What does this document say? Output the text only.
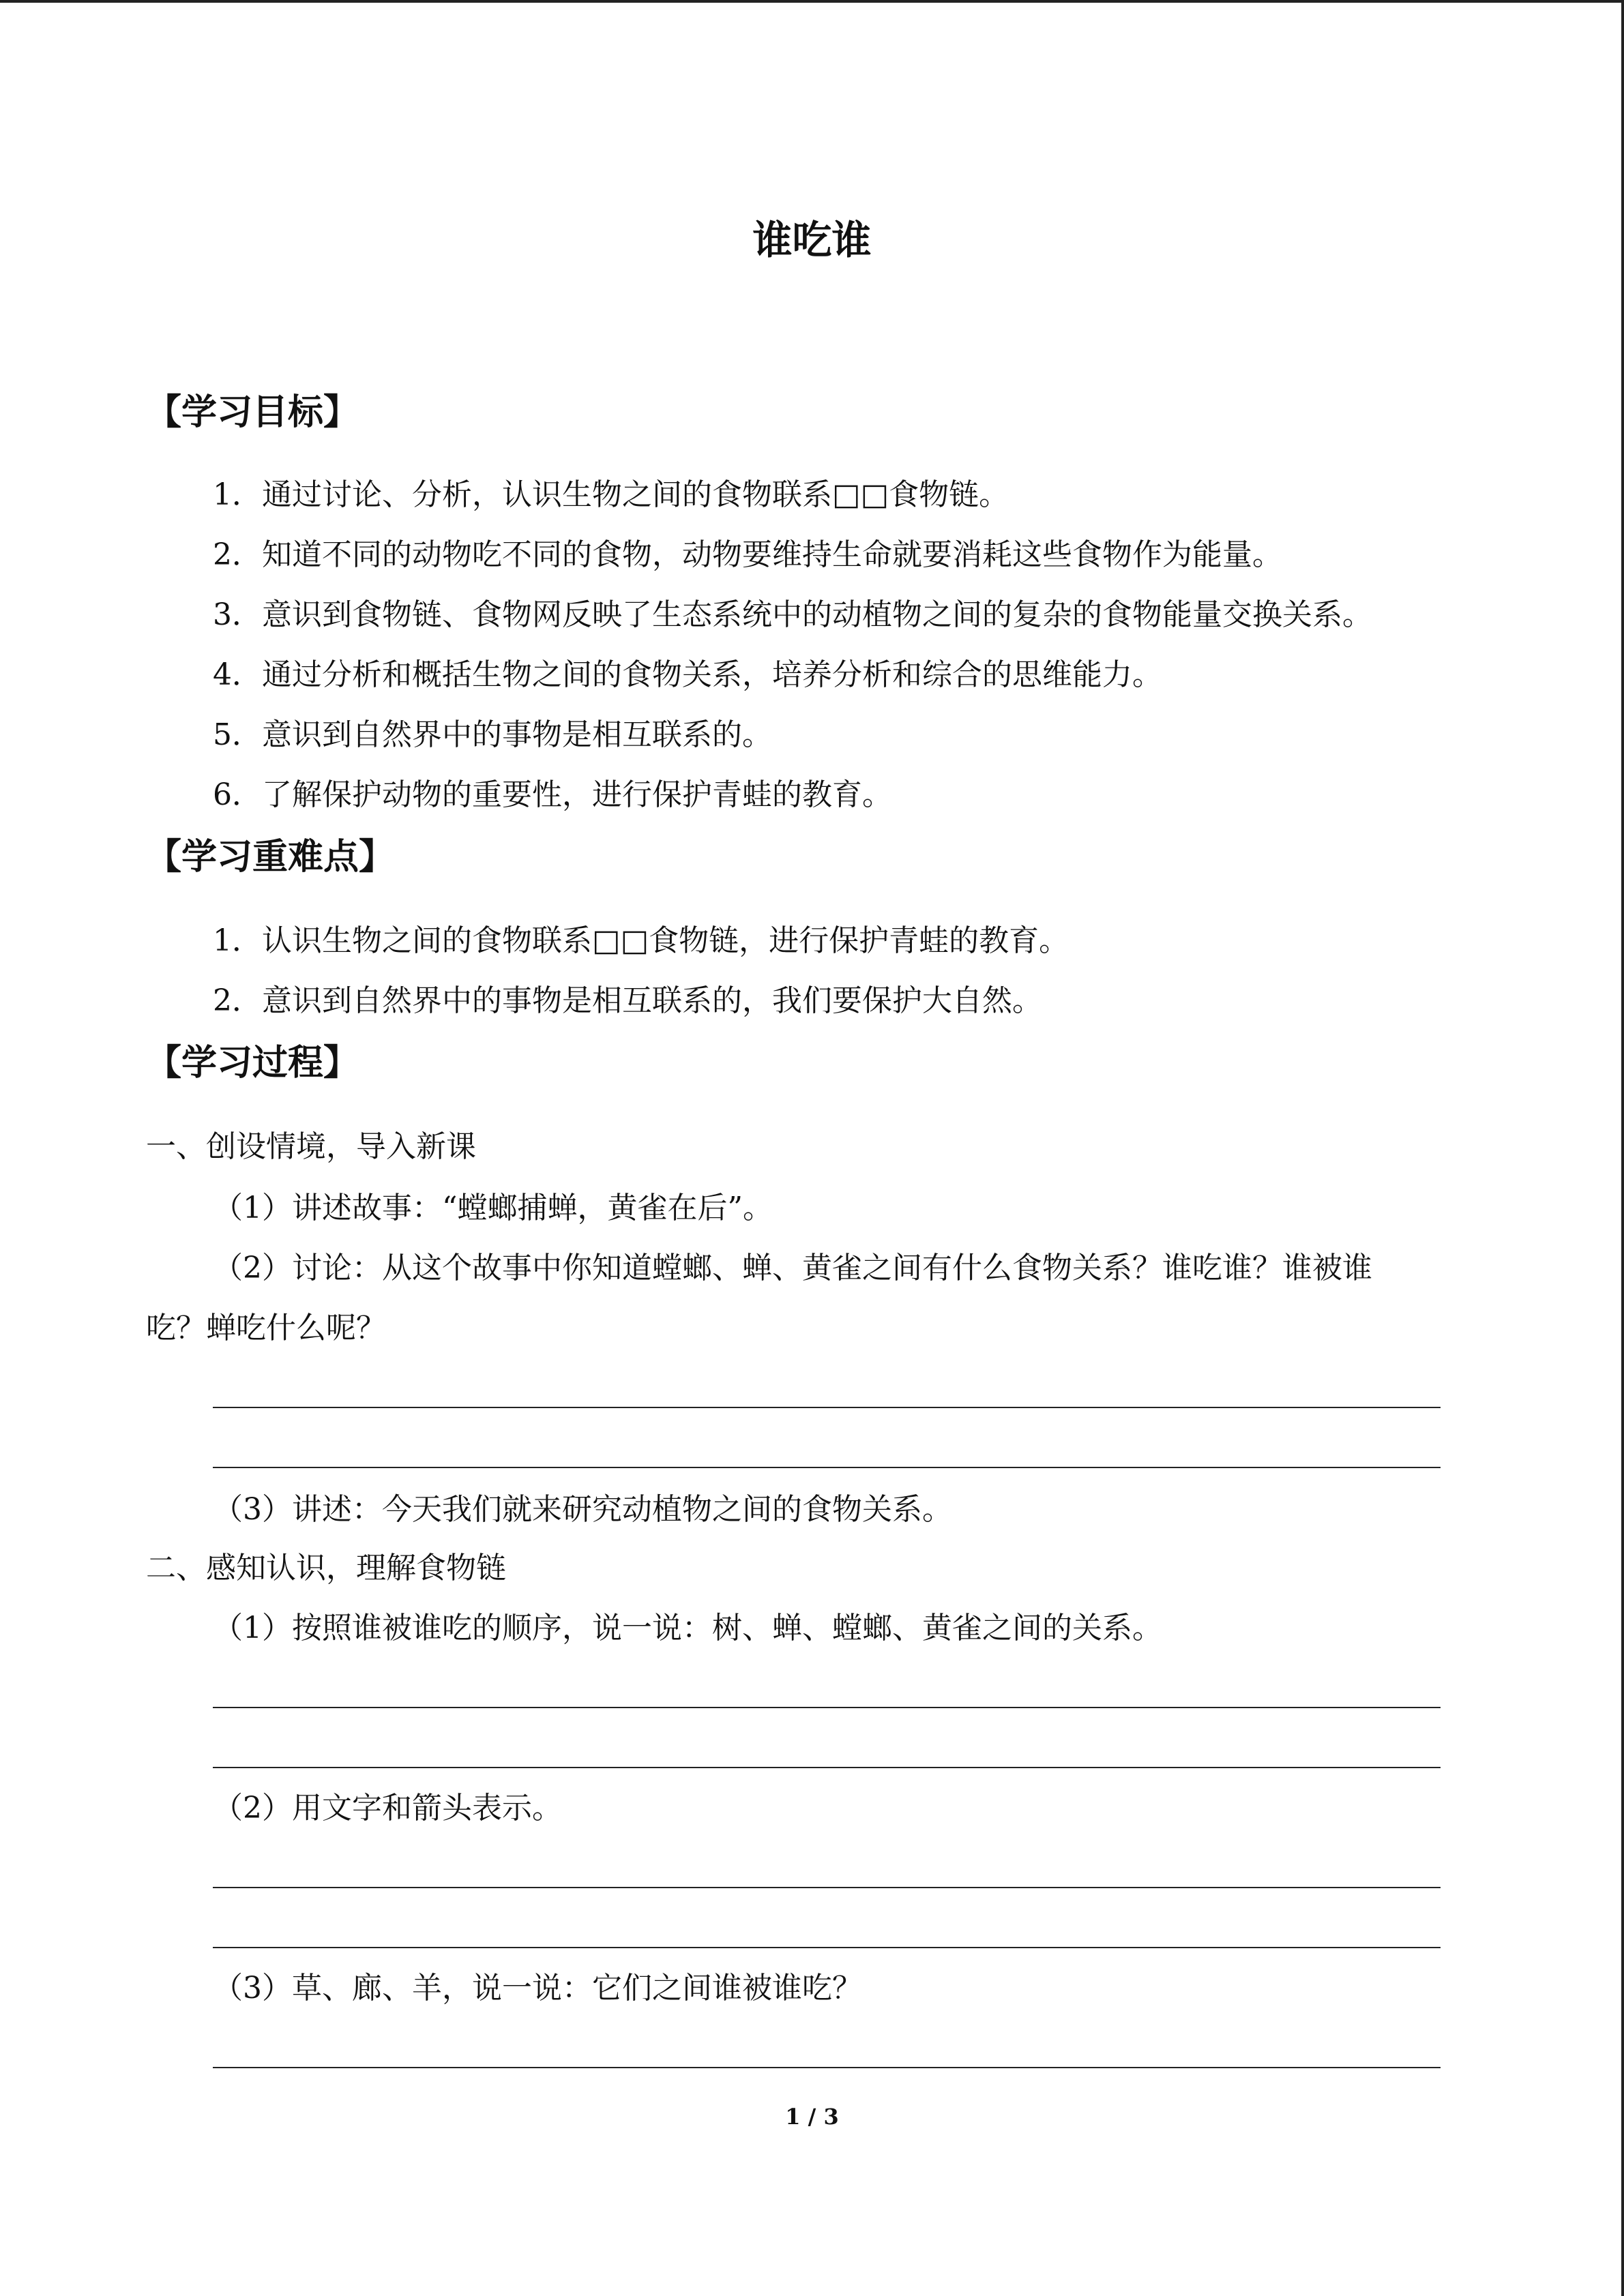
谁吃谁
【学习目标】
1．通过讨论、分析，认识生物之间的食物联系□□食物链。
2．知道不同的动物吃不同的食物，动物要维持生命就要消耗这些食物作为能量。
3．意识到食物链、食物网反映了生态系统中的动植物之间的复杂的食物能量交换关系。
4．通过分析和概括生物之间的食物关系，培养分析和综合的思维能力。
5．意识到自然界中的事物是相互联系的。
6．了解保护动物的重要性，进行保护青蛙的教育。
【学习重难点】
1．认识生物之间的食物联系□□食物链，进行保护青蛙的教育。
2．意识到自然界中的事物是相互联系的，我们要保护大自然。
【学习过程】
一、创设情境，导入新课
（1）讲述故事：“螳螂捕蝉，黄雀在后”。
（2）讨论：从这个故事中你知道螳螂、蝉、黄雀之间有什么食物关系？谁吃谁？谁被谁
吃？蝉吃什么呢？
（3）讲述：今天我们就来研究动植物之间的食物关系。
二、感知认识，理解食物链
（1）按照谁被谁吃的顺序，说一说：树、蝉、螳螂、黄雀之间的关系。
（2）用文字和箭头表示。
（3）草、廊、羊，说一说：它们之间谁被谁吃？
1 / 3
